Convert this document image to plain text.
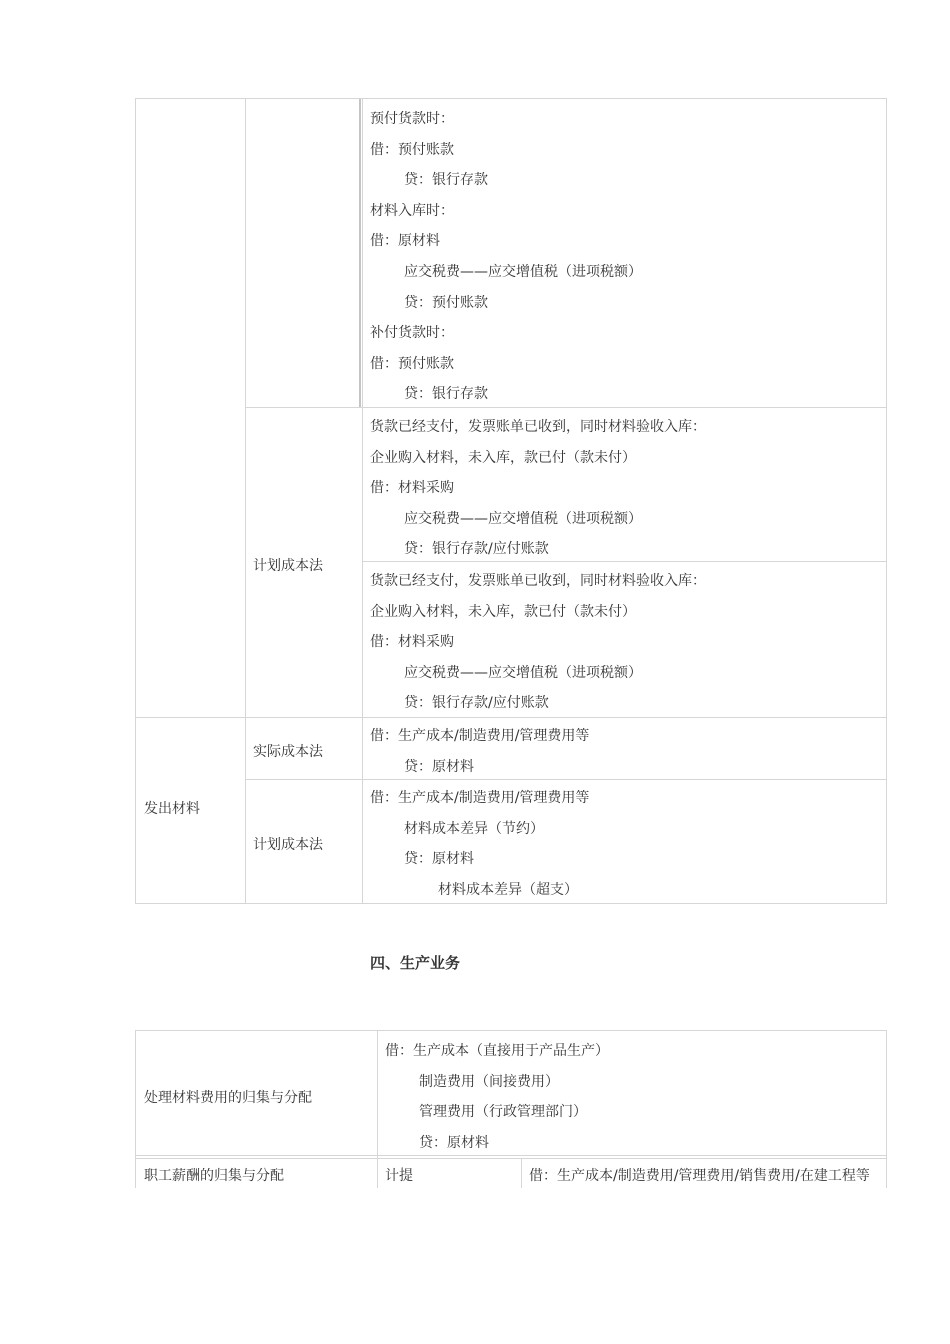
预付货款时：
借：预付账款
贷：银行存款
材料入库时：
借：原材料
应交税费——应交增值税（进项税额）
贷：预付账款
补付货款时：
借：预付账款
贷：银行存款
计划成本法
货款已经支付，发票账单已收到，同时材料验收入库：
企业购入材料，未入库，款已付（款未付）
借：材料采购
应交税费——应交增值税（进项税额）
贷：银行存款/应付账款
货款已经支付，发票账单已收到，同时材料验收入库：
企业购入材料，未入库，款已付（款未付）
借：材料采购
应交税费——应交增值税（进项税额）
贷：银行存款/应付账款
发出材料
实际成本法
借：生产成本/制造费用/管理费用等
贷：原材料
计划成本法
借：生产成本/制造费用/管理费用等
材料成本差异（节约）
贷：原材料
材料成本差异（超支）
四、生产业务
处理材料费用的归集与分配
借：生产成本（直接用于产品生产）
制造费用（间接费用）
管理费用（行政管理部门）
贷：原材料
职工薪酬的归集与分配	计提	借：生产成本/制造费用/管理费用/销售费用/在建工程等
